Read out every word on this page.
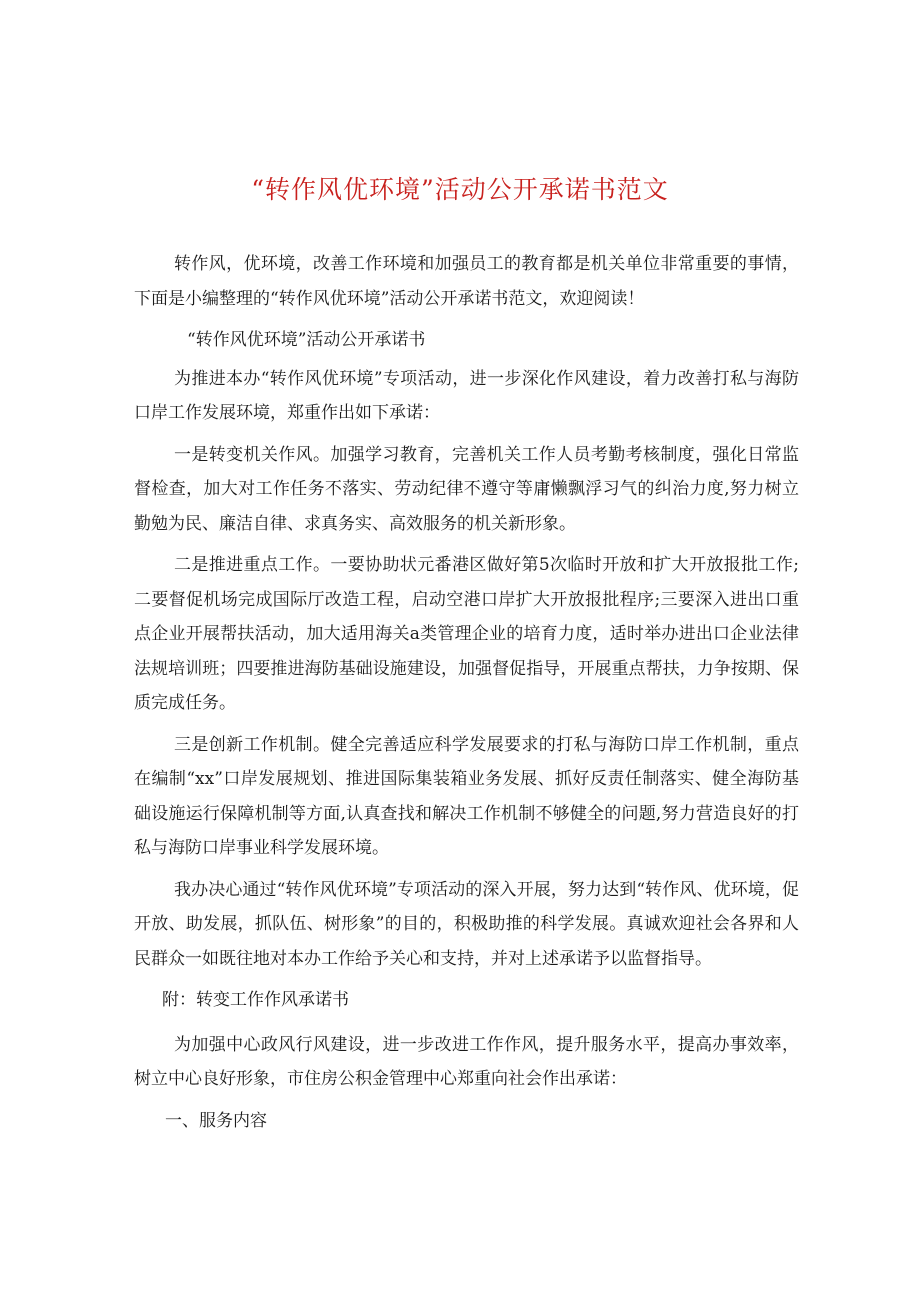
“转作风优环境”活动公开承诺书范文

转作风，优环境，改善工作环境和加强员工的教育都是机关单位非常重要的事情，下面是小编整理的“转作风优环境”活动公开承诺书范文，欢迎阅读！

“转作风优环境”活动公开承诺书

为推进本办“转作风优环境”专项活动，进一步深化作风建设，着力改善打私与海防口岸工作发展环境，郑重作出如下承诺：

一是转变机关作风。加强学习教育，完善机关工作人员考勤考核制度，强化日常监督检查，加大对工作任务不落实、劳动纪律不遵守等庸懒飘浮习气的纠治力度,努力树立勤勉为民、廉洁自律、求真务实、高效服务的机关新形象。

二是推进重点工作。一要协助状元番港区做好第5次临时开放和扩大开放报批工作;二要督促机场完成国际厅改造工程，启动空港口岸扩大开放报批程序;三要深入进出口重点企业开展帮扶活动，加大适用海关a类管理企业的培育力度，适时举办进出口企业法律法规培训班；四要推进海防基础设施建设，加强督促指导，开展重点帮扶，力争按期、保质完成任务。

三是创新工作机制。健全完善适应科学发展要求的打私与海防口岸工作机制，重点在编制“xx”口岸发展规划、推进国际集装箱业务发展、抓好反责任制落实、健全海防基础设施运行保障机制等方面,认真查找和解决工作机制不够健全的问题,努力营造良好的打私与海防口岸事业科学发展环境。

我办决心通过“转作风优环境”专项活动的深入开展，努力达到“转作风、优环境，促开放、助发展，抓队伍、树形象”的目的，积极助推的科学发展。真诚欢迎社会各界和人民群众一如既往地对本办工作给予关心和支持，并对上述承诺予以监督指导。

附：转变工作作风承诺书

为加强中心政风行风建设，进一步改进工作作风，提升服务水平，提高办事效率，树立中心良好形象，市住房公积金管理中心郑重向社会作出承诺：

一、服务内容
